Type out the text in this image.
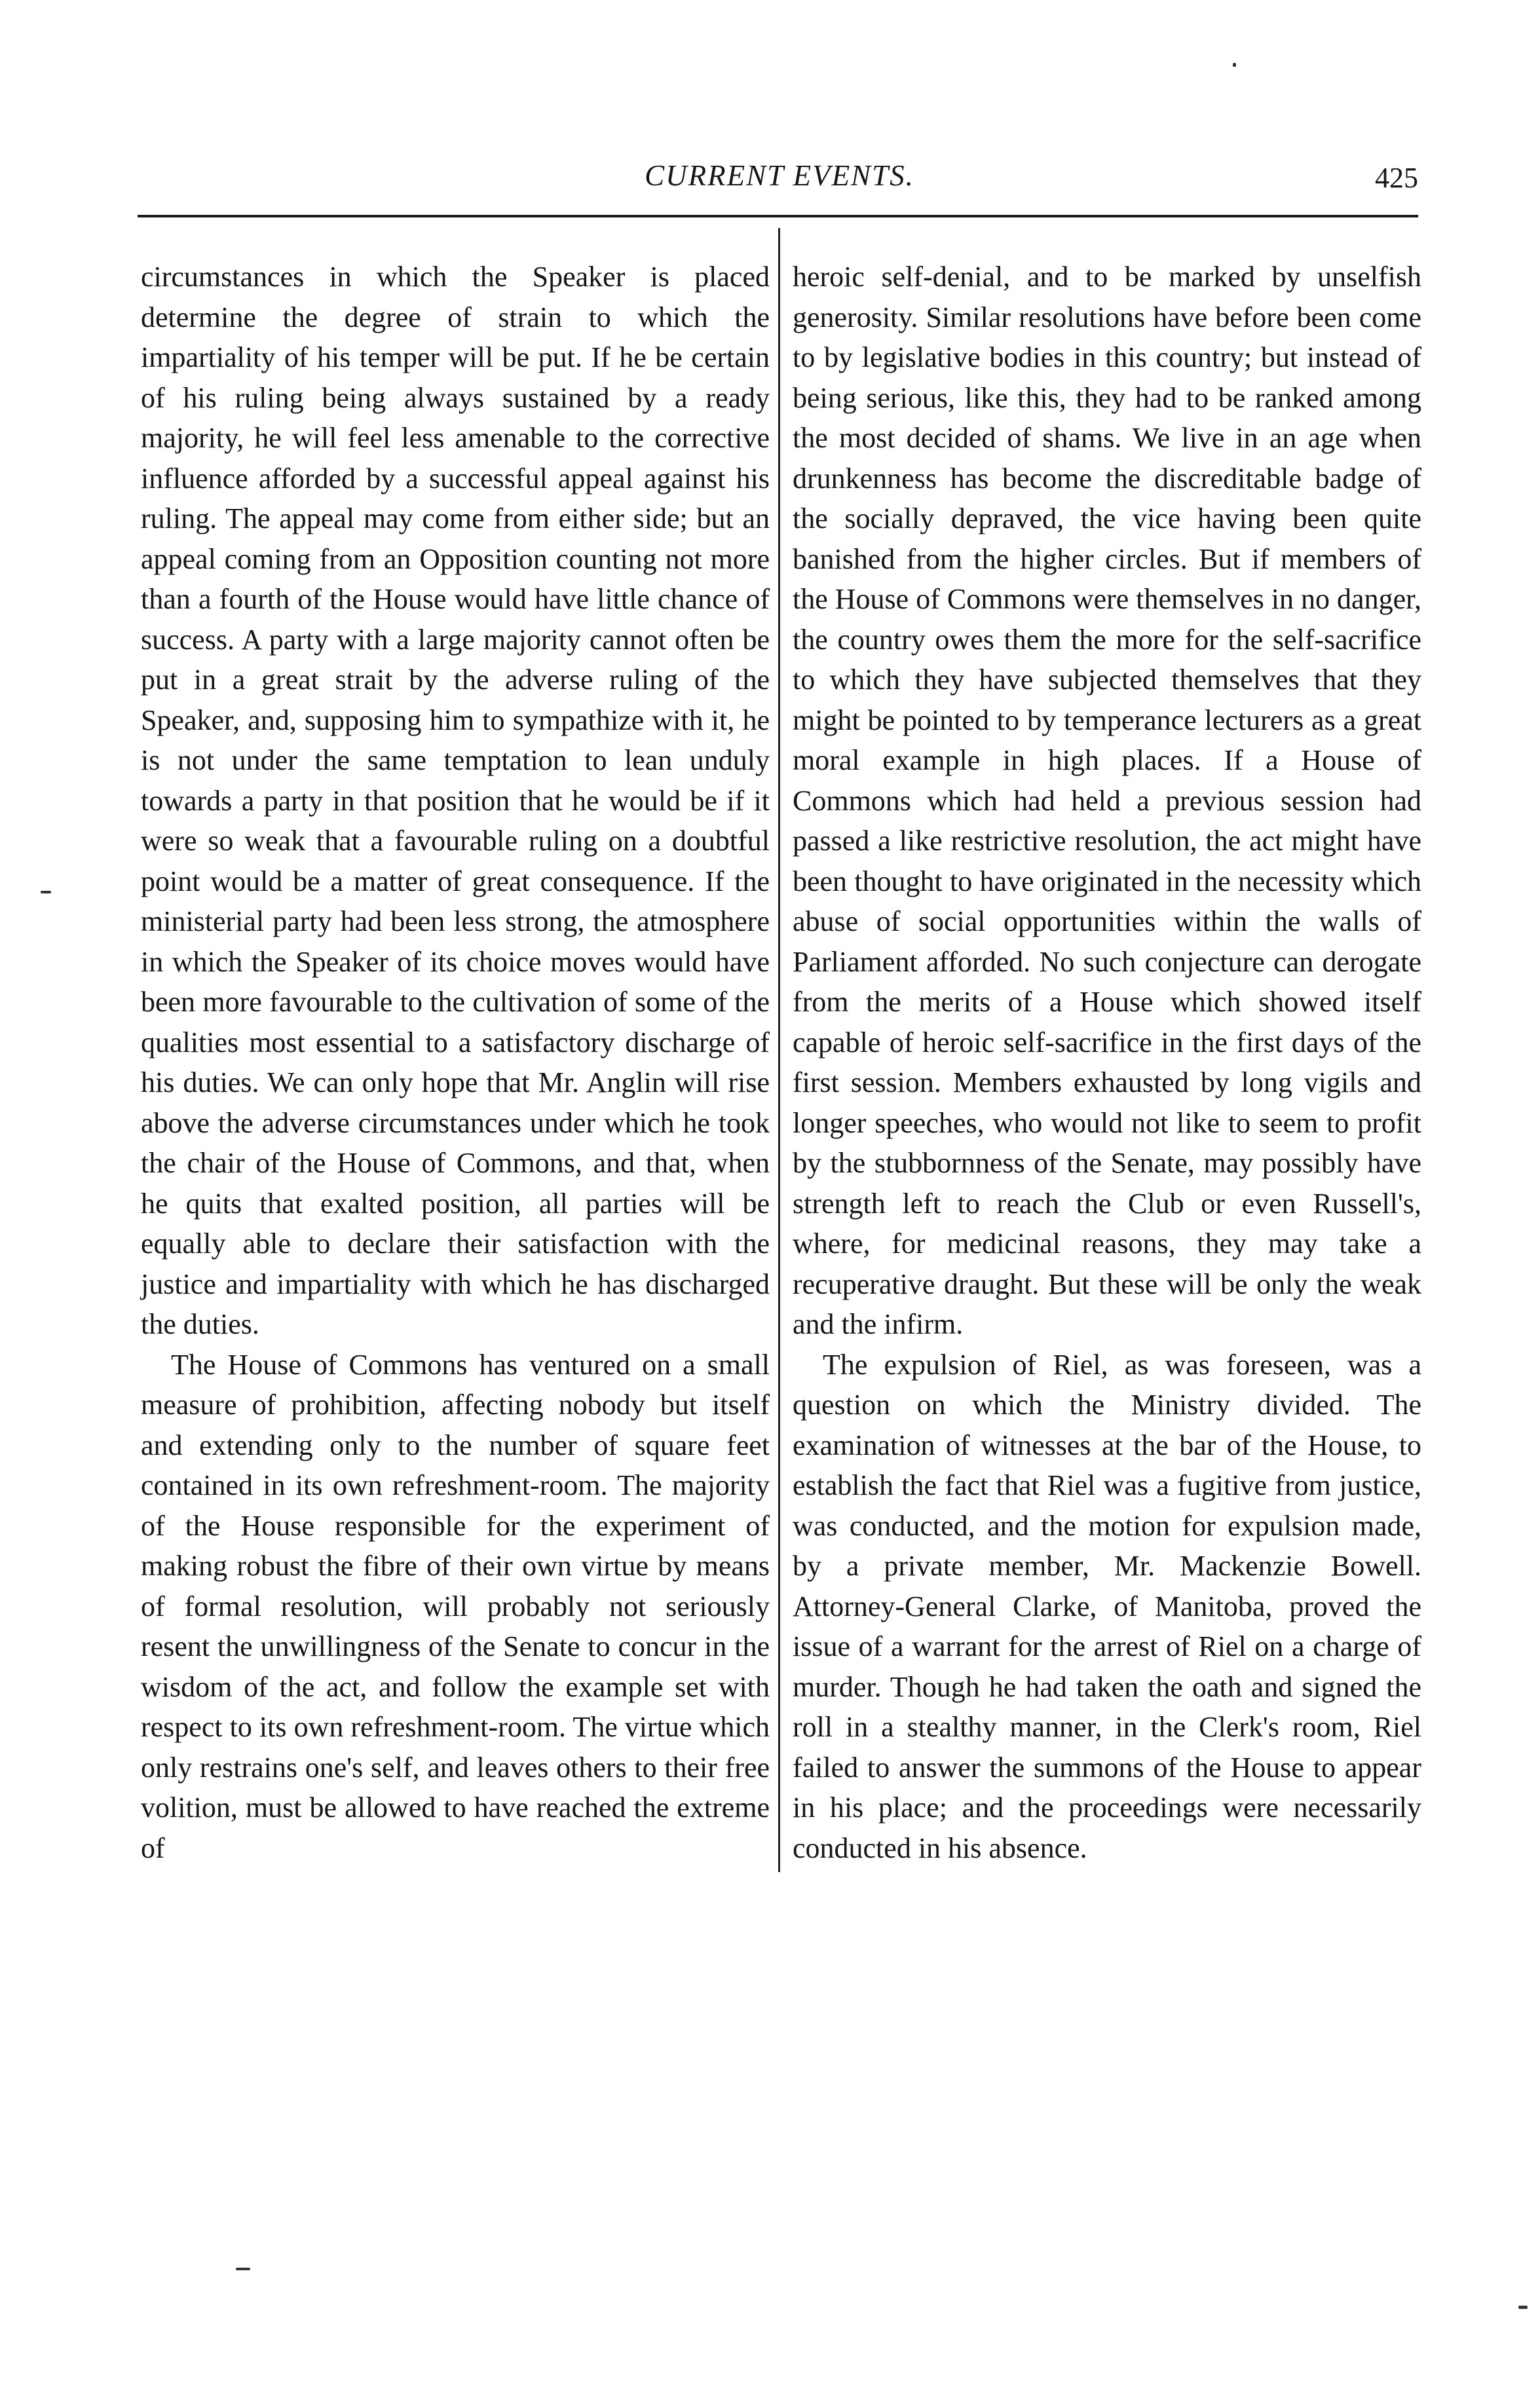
CURRENT EVENTS.	425

circumstances in which the Speaker is placed determine the degree of strain to which the impartiality of his temper will be put. If he be certain of his ruling being always sustained by a ready majority, he will feel less amenable to the corrective influence afforded by a successful appeal against his ruling. The appeal may come from either side; but an appeal coming from an Opposition counting not more than a fourth of the House would have little chance of success. A party with a large majority cannot often be put in a great strait by the adverse ruling of the Speaker, and, supposing him to sympathize with it, he is not under the same temptation to lean unduly towards a party in that position that he would be if it were so weak that a favourable ruling on a doubtful point would be a matter of great consequence. If the ministerial party had been less strong, the atmosphere in which the Speaker of its choice moves would have been more favourable to the cultivation of some of the qualities most essential to a satisfactory discharge of his duties. We can only hope that Mr. Anglin will rise above the adverse circumstances under which he took the chair of the House of Commons, and that, when he quits that exalted position, all parties will be equally able to declare their satisfaction with the justice and impartiality with which he has discharged the duties.

The House of Commons has ventured on a small measure of prohibition, affecting nobody but itself and extending only to the number of square feet contained in its own refreshment-room. The majority of the House responsible for the experiment of making robust the fibre of their own virtue by means of formal resolution, will probably not seriously resent the unwillingness of the Senate to concur in the wisdom of the act, and follow the example set with respect to its own refreshment-room. The virtue which only restrains one's self, and leaves others to their free volition, must be allowed to have reached the extreme of

heroic self-denial, and to be marked by unselfish generosity. Similar resolutions have before been come to by legislative bodies in this country; but instead of being serious, like this, they had to be ranked among the most decided of shams. We live in an age when drunkenness has become the discreditable badge of the socially depraved, the vice having been quite banished from the higher circles. But if members of the House of Commons were themselves in no danger, the country owes them the more for the self-sacrifice to which they have subjected themselves that they might be pointed to by temperance lecturers as a great moral example in high places. If a House of Commons which had held a previous session had passed a like restrictive resolution, the act might have been thought to have originated in the necessity which abuse of social opportunities within the walls of Parliament afforded. No such conjecture can derogate from the merits of a House which showed itself capable of heroic self-sacrifice in the first days of the first session. Members exhausted by long vigils and longer speeches, who would not like to seem to profit by the stubbornness of the Senate, may possibly have strength left to reach the Club or even Russell's, where, for medicinal reasons, they may take a recuperative draught. But these will be only the weak and the infirm.

The expulsion of Riel, as was foreseen, was a question on which the Ministry divided. The examination of witnesses at the bar of the House, to establish the fact that Riel was a fugitive from justice, was conducted, and the motion for expulsion made, by a private member, Mr. Mackenzie Bowell. Attorney-General Clarke, of Manitoba, proved the issue of a warrant for the arrest of Riel on a charge of murder. Though he had taken the oath and signed the roll in a stealthy manner, in the Clerk's room, Riel failed to answer the summons of the House to appear in his place; and the proceedings were necessarily conducted in his absence.
